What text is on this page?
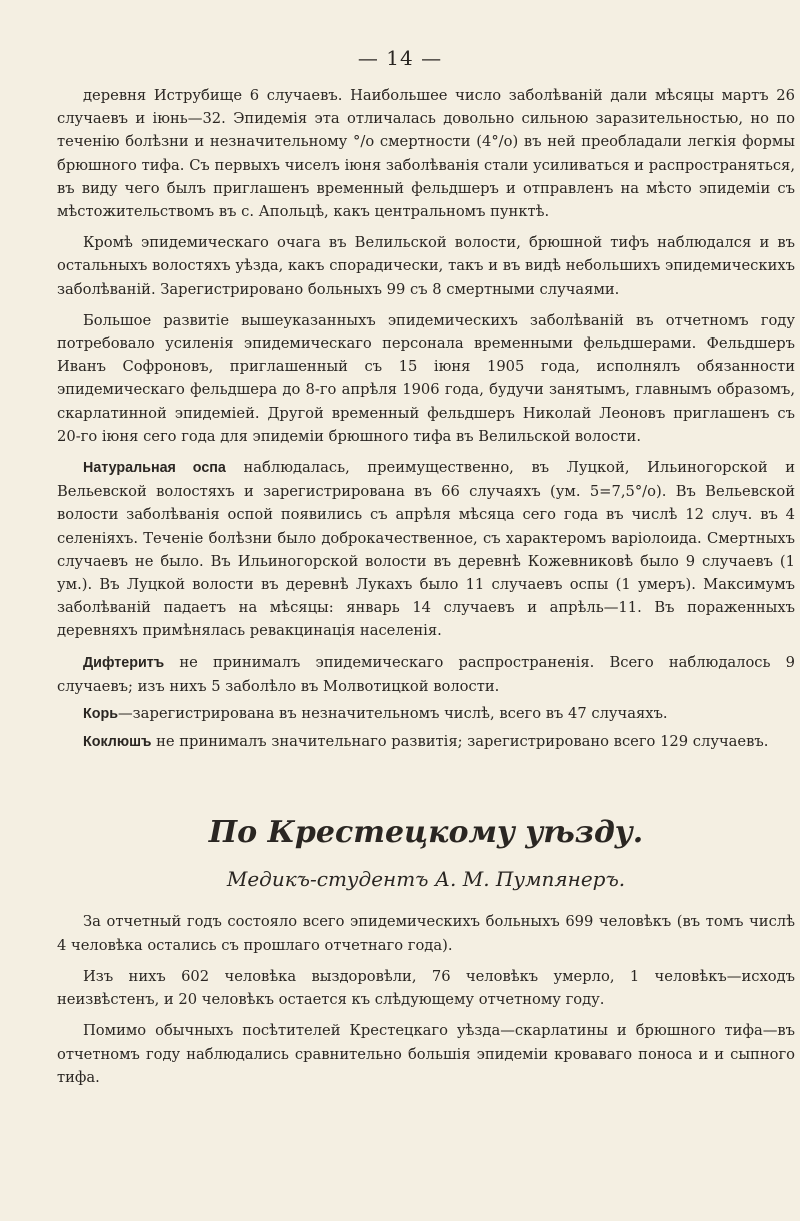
— 14 —

деревня Иструбище 6 случаевъ. Наибольшее число заболѣваній дали мѣсяцы мартъ 26 случаевъ и іюнь—32. Эпидемія эта отличалась довольно сильною заразительностью, но по теченію болѣзни и незначительному °/о смертности (4°/о) въ ней преобладали легкія формы брюшного тифа. Съ первыхъ чиселъ іюня заболѣванія стали усиливаться и распространяться, въ виду чего былъ приглашенъ временный фельдшеръ и отправленъ на мѣсто эпидеміи съ мѣстожительствомъ въ с. Апольцѣ, какъ центральномъ пунктѣ.

Кромѣ эпидемическаго очага въ Велильской волости, брюшной тифъ наблюдался и въ остальныхъ волостяхъ уѣзда, какъ спорадически, такъ и въ видѣ небольшихъ эпидемическихъ заболѣваній. Зарегистрировано больныхъ 99 съ 8 смертными случаями.

Большое развитіе вышеуказанныхъ эпидемическихъ заболѣваній въ отчетномъ году потребовало усиленія эпидемическаго персонала временными фельдшерами. Фельдшеръ Иванъ Софроновъ, приглашенный съ 15 іюня 1905 года, исполнялъ обязанности эпидемическаго фельдшера до 8-го апрѣля 1906 года, будучи занятымъ, главнымъ образомъ, скарлатинной эпидеміей. Другой временный фельдшеръ Николай Леоновъ приглашенъ съ 20-го іюня сего года для эпидеміи брюшного тифа въ Велильской волости.

Натуральная оспа наблюдалась, преимущественно, въ Луцкой, Ильиногорской и Вельевской волостяхъ и зарегистрирована въ 66 случаяхъ (ум. 5=7,5°/о). Въ Вельевской волости заболѣванія оспой появились съ апрѣля мѣсяца сего года въ числѣ 12 случ. въ 4 селеніяхъ. Теченіе болѣзни было доброкачественное, съ характеромъ варіолоида. Смертныхъ случаевъ не было. Въ Ильиногорской волости въ деревнѣ Кожевниковѣ было 9 случаевъ (1 ум.). Въ Луцкой волости въ деревнѣ Лукахъ было 11 случаевъ оспы (1 умеръ). Максимумъ заболѣваній падаетъ на мѣсяцы: январь 14 случаевъ и апрѣль—11. Въ пораженныхъ деревняхъ примѣнялась ревакцинація населенія.

Дифтеритъ не принималъ эпидемическаго распространенія. Всего наблюдалось 9 случаевъ; изъ нихъ 5 заболѣло въ Молвотицкой волости.

Корь—зарегистрирована въ незначительномъ числѣ, всего въ 47 случаяхъ.

Коклюшъ не принималъ значительнаго развитія; зарегистрировано всего 129 случаевъ.

По Крестецкому уѣзду.
Медикъ-студентъ А. М. Пумпянеръ.

За отчетный годъ состояло всего эпидемическихъ больныхъ 699 человѣкъ (въ томъ числѣ 4 человѣка остались съ прошлаго отчетнаго года).

Изъ нихъ 602 человѣка выздоровѣли, 76 человѣкъ умерло, 1 человѣкъ—исходъ неизвѣстенъ, и 20 человѣкъ остается къ слѣдующему отчетному году.

Помимо обычныхъ посѣтителей Крестецкаго уѣзда—скарлатины и брюшного тифа—въ отчетномъ году наблюдались сравнительно большія эпидеміи кроваваго поноса и и сыпного тифа.
